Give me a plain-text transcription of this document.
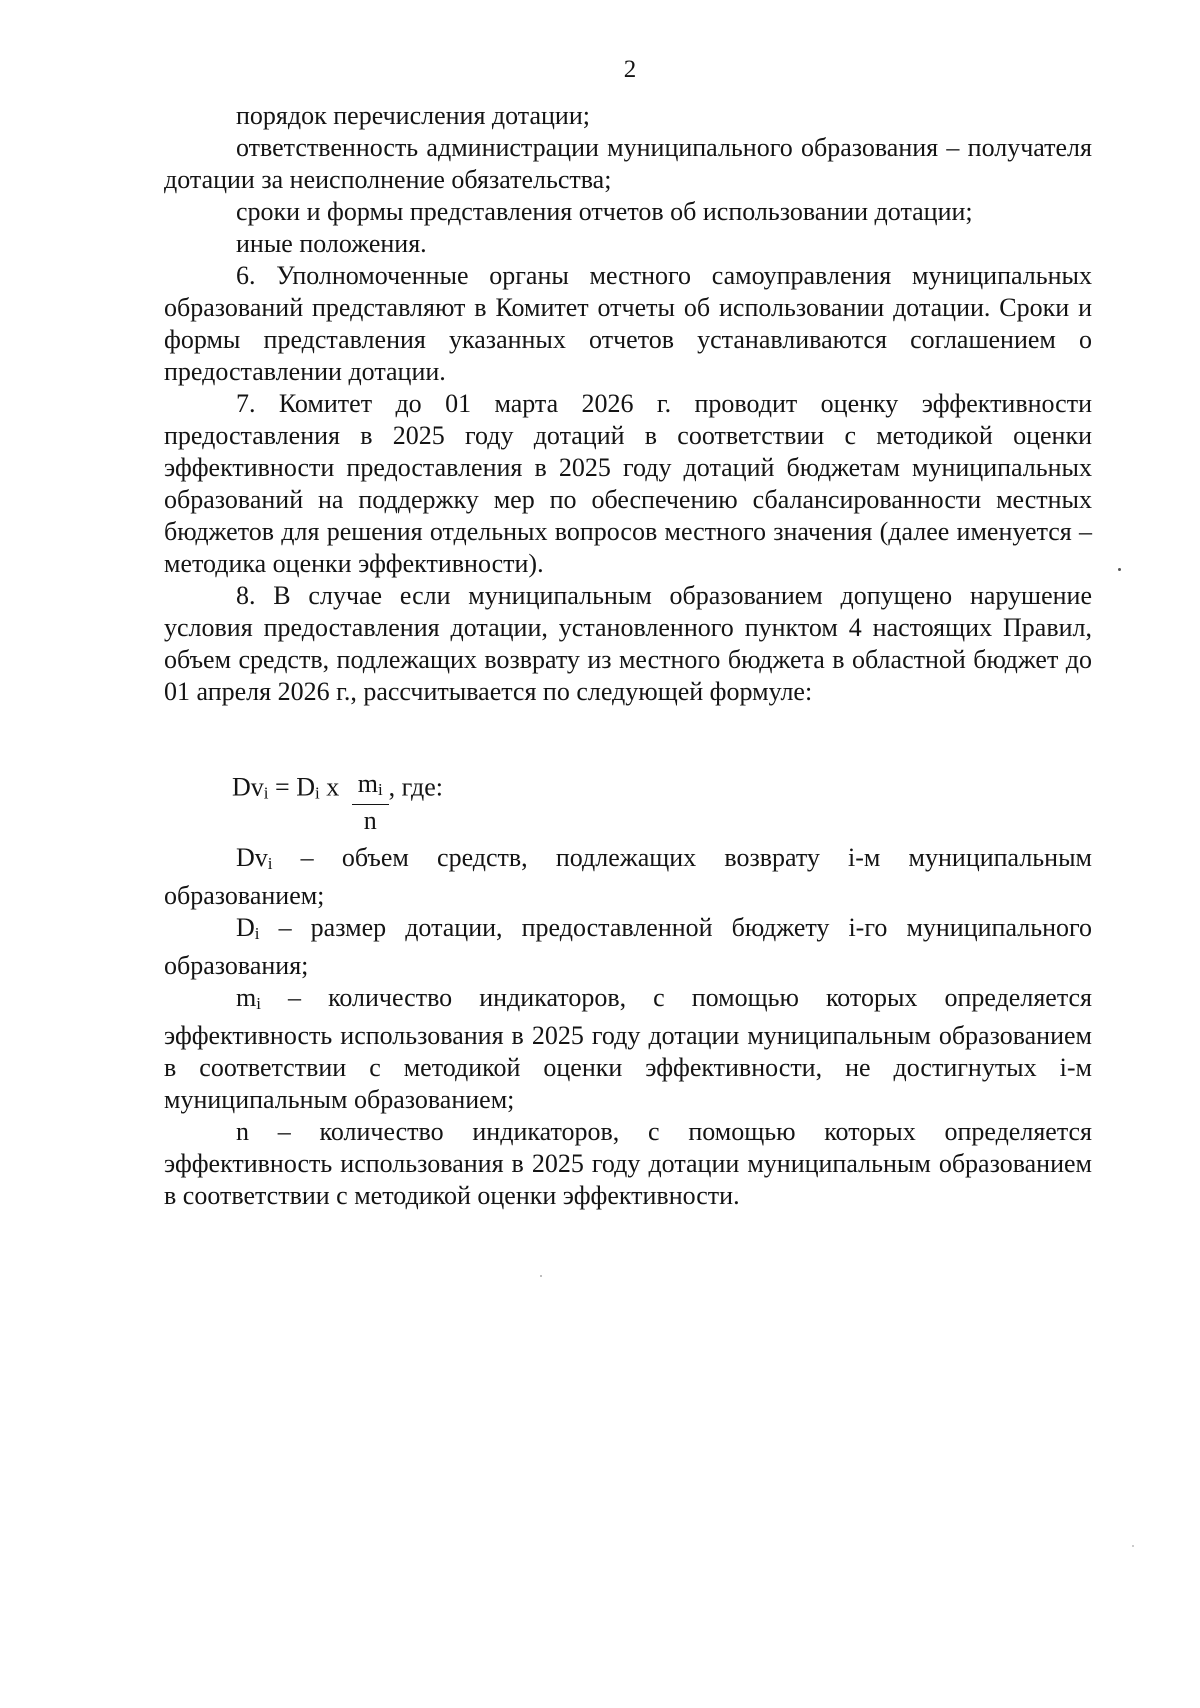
2

порядок перечисления дотации;

ответственность администрации муниципального образования – получателя дотации за неисполнение обязательства;

сроки и формы представления отчетов об использовании дотации;

иные положения.

6. Уполномоченные органы местного самоуправления муниципальных образований представляют в Комитет отчеты об использовании дотации. Сроки и формы представления указанных отчетов устанавливаются соглашением о предоставлении дотации.

7. Комитет до 01 марта 2026 г. проводит оценку эффективности предоставления в 2025 году дотаций в соответствии с методикой оценки эффективности предоставления в 2025 году дотаций бюджетам муниципальных образований на поддержку мер по обеспечению сбалансированности местных бюджетов для решения отдельных вопросов местного значения (далее именуется – методика оценки эффективности).

8. В случае если муниципальным образованием допущено нарушение условия предоставления дотации, установленного пунктом 4 настоящих Правил, объем средств, подлежащих возврату из местного бюджета в областной бюджет до 01 апреля 2026 г., рассчитывается по следующей формуле:

$Dv_i = D_i$ x $\frac{m_i}{n}$ , где:

$Dv_i$ – объем средств, подлежащих возврату i-м муниципальным образованием;

$D_i$ – размер дотации, предоставленной бюджету i-го муниципального образования;

$m_i$ – количество индикаторов, с помощью которых определяется эффективность использования в 2025 году дотации муниципальным образованием в соответствии с методикой оценки эффективности, не достигнутых i-м муниципальным образованием;

n – количество индикаторов, с помощью которых определяется эффективность использования в 2025 году дотации муниципальным образованием в соответствии с методикой оценки эффективности.
